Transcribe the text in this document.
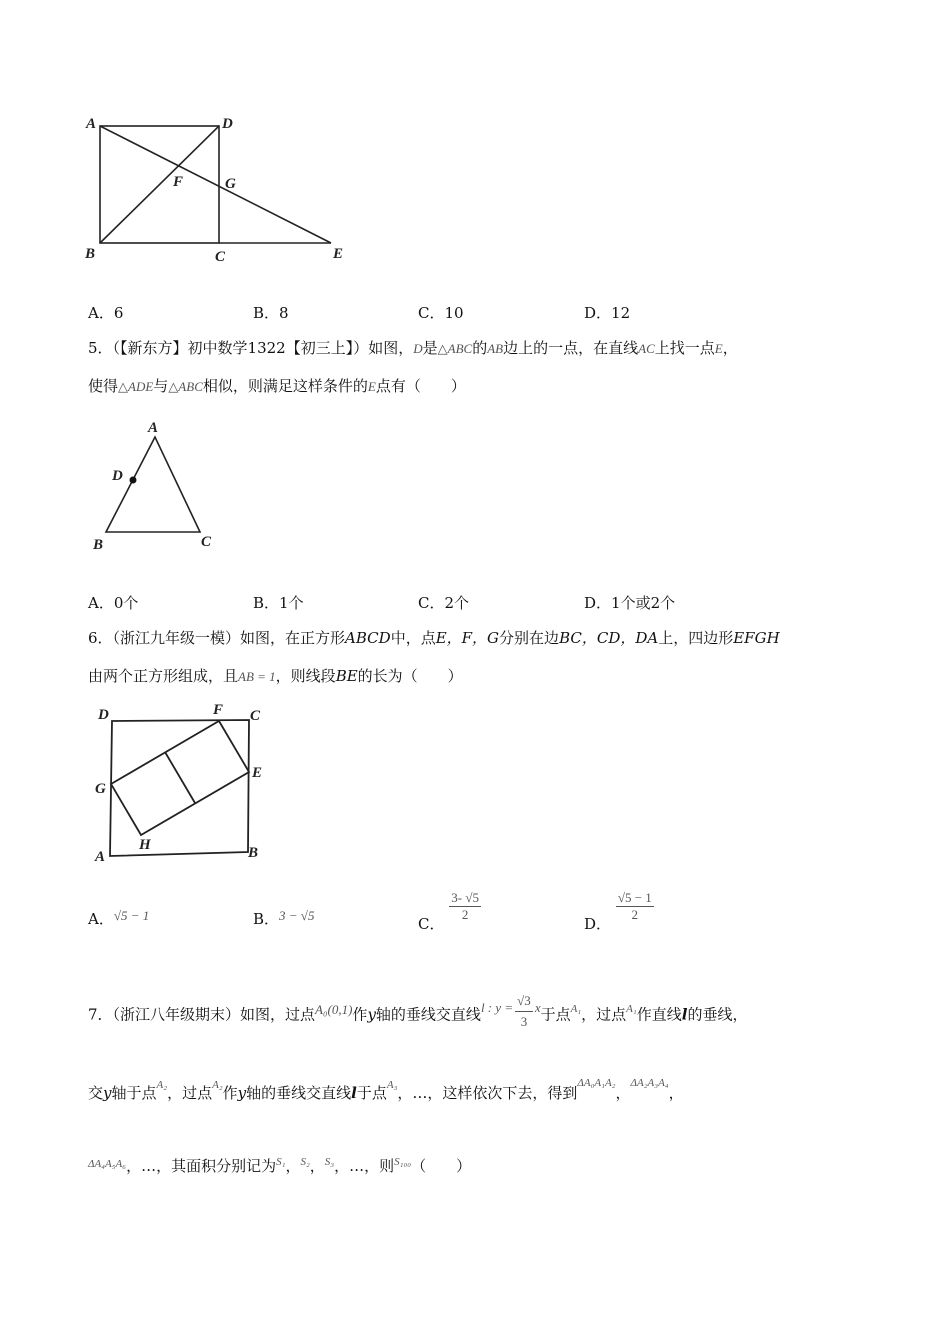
A	D
F	G
B	C	E
A．6	B．8	C．10	D．12
5．（【新东方】初中数学1322【初三上】）如图，D是△ABC的AB边上的一点，在直线AC上找一点E，
使得△ADE与△ABC相似，则满足这样条件的E点有（　　）
A
D
B	C
A．0个	B．1个	C．2个	D．1个或2个
6．（浙江九年级一模）如图，在正方形ABCD中，点E，F，G分别在边BC，CD，DA上，四边形EFGH
由两个正方形组成，且AB = 1，则线段BE的长为（　　）
D	F C
G
E
A
H	B
A．√5 − 1	B．3 − √5	C．
$\frac{3- √5}{2}$
D．
$\frac{√5 - 1}{2}$
7．（浙江八年级期末）如图，过点A₀(0,1)作y轴的垂线交直线l : $y = \frac{√3}{3}$ x于点$^{A_1}$，过点$^{A_1}$作直线l的垂线，
交y轴于点$^{A_2}$，过点$^{A_2}$作y轴的垂线交直线l于点$^{A_3}$，…，这样依次下去，得到$^{\Delta A_0A_1A_2}$，$^{\Delta A_2A_3A_4}$，
$^{\Delta A_4A_5A_6}$，…，其面积分别记为$^{S_1}$，$^{S_2}$，$^{S_3}$，…，则$^{S_{100}}$（　　）
